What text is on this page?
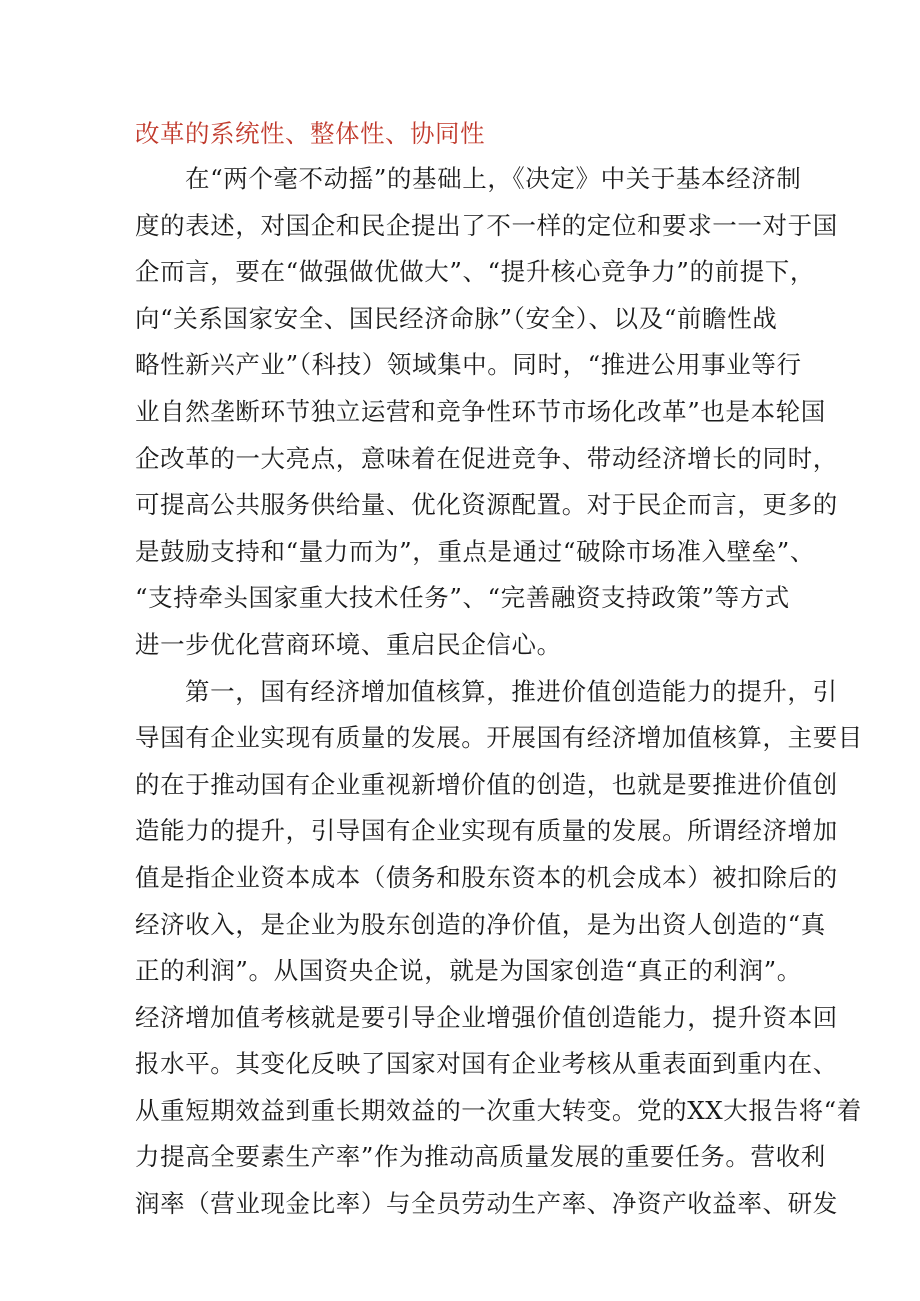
改革的系统性、整体性、协同性
在“两个毫不动摇”的基础上，《决定》中关于基本经济制
度的表述，对国企和民企提出了不一样的定位和要求一一对于国
企而言，要在“做强做优做大”、“提升核心竞争力”的前提下，
向“关系国家安全、国民经济命脉”（安全）、以及“前瞻性战
略性新兴产业”（科技）领域集中。同时，“推进公用事业等行
业自然垄断环节独立运营和竞争性环节市场化改革”也是本轮国
企改革的一大亮点，意味着在促进竞争、带动经济增长的同时，
可提高公共服务供给量、优化资源配置。对于民企而言，更多的
是鼓励支持和“量力而为”，重点是通过“破除市场准入壁垒”、
“支持牵头国家重大技术任务”、“完善融资支持政策”等方式
进一步优化营商环境、重启民企信心。
第一，国有经济增加值核算，推进价值创造能力的提升，引
导国有企业实现有质量的发展。开展国有经济增加值核算，主要目
的在于推动国有企业重视新增价值的创造，也就是要推进价值创
造能力的提升，引导国有企业实现有质量的发展。所谓经济增加
值是指企业资本成本（债务和股东资本的机会成本）被扣除后的
经济收入，是企业为股东创造的净价值，是为出资人创造的“真
正的利润”。从国资央企说，就是为国家创造“真正的利润”。
经济增加值考核就是要引导企业增强价值创造能力，提升资本回
报水平。其变化反映了国家对国有企业考核从重表面到重内在、
从重短期效益到重长期效益的一次重大转变。党的XX大报告将“着
力提高全要素生产率”作为推动高质量发展的重要任务。营收利
润率（营业现金比率）与全员劳动生产率、净资产收益率、研发
